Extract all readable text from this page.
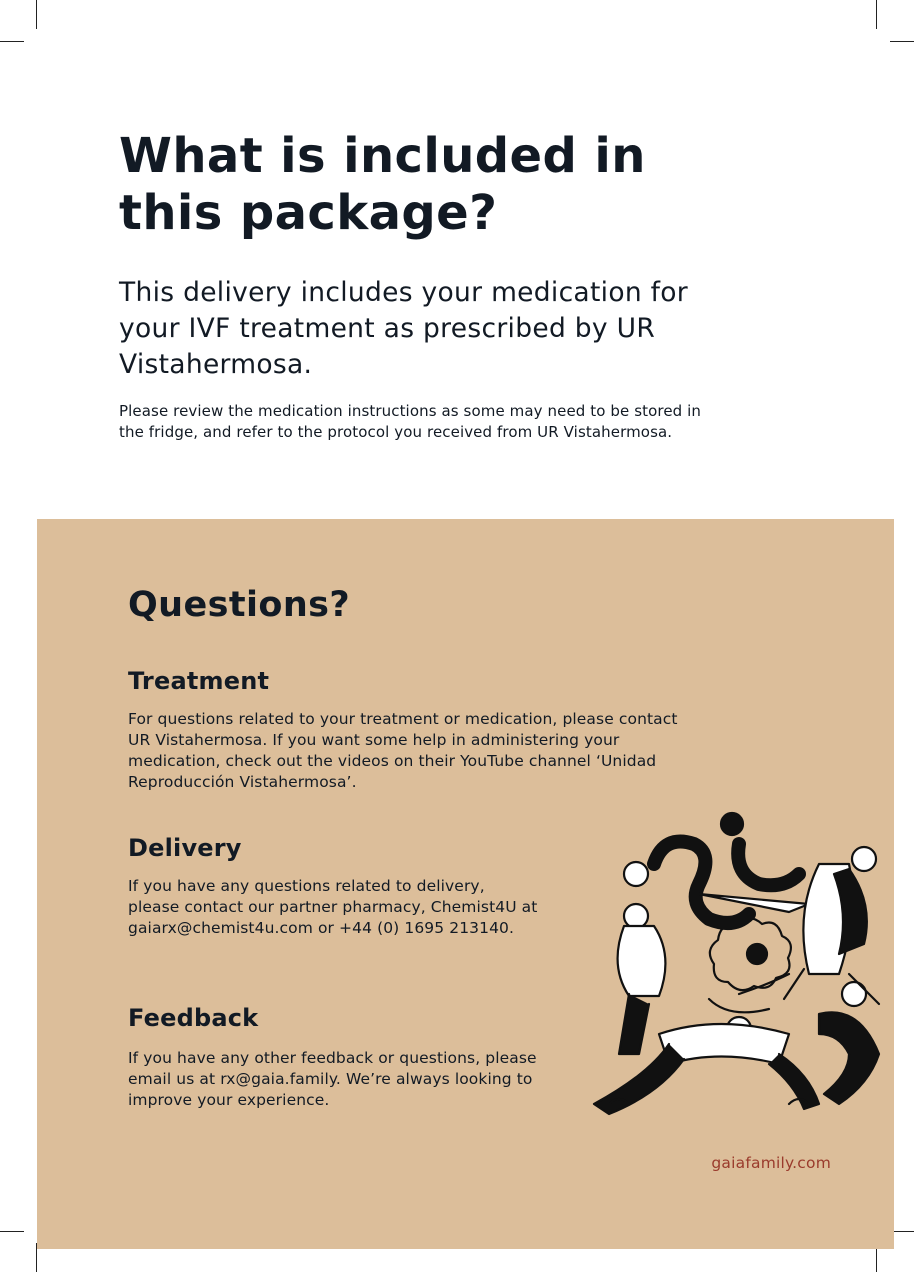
What is included in this package?

This delivery includes your medication for your IVF treatment as prescribed by UR Vistahermosa.

Please review the medication instructions as some may need to be stored in the fridge, and refer to the protocol you received from UR Vistahermosa.

Questions?
Treatment

For questions related to your treatment or medication, please contact UR Vistahermosa. If you want some help in administering your medication, check out the videos on their YouTube channel ‘Unidad Reproducción Vistahermosa’.

Delivery

If you have any questions related to delivery, please contact our partner pharmacy, Chemist4U at gaiarx@chemist4u.com or +44 (0) 1695 213140.

Feedback

If you have any other feedback or questions, please email us at rx@gaia.family. We’re always looking to improve your experience.

gaiafamily.com
